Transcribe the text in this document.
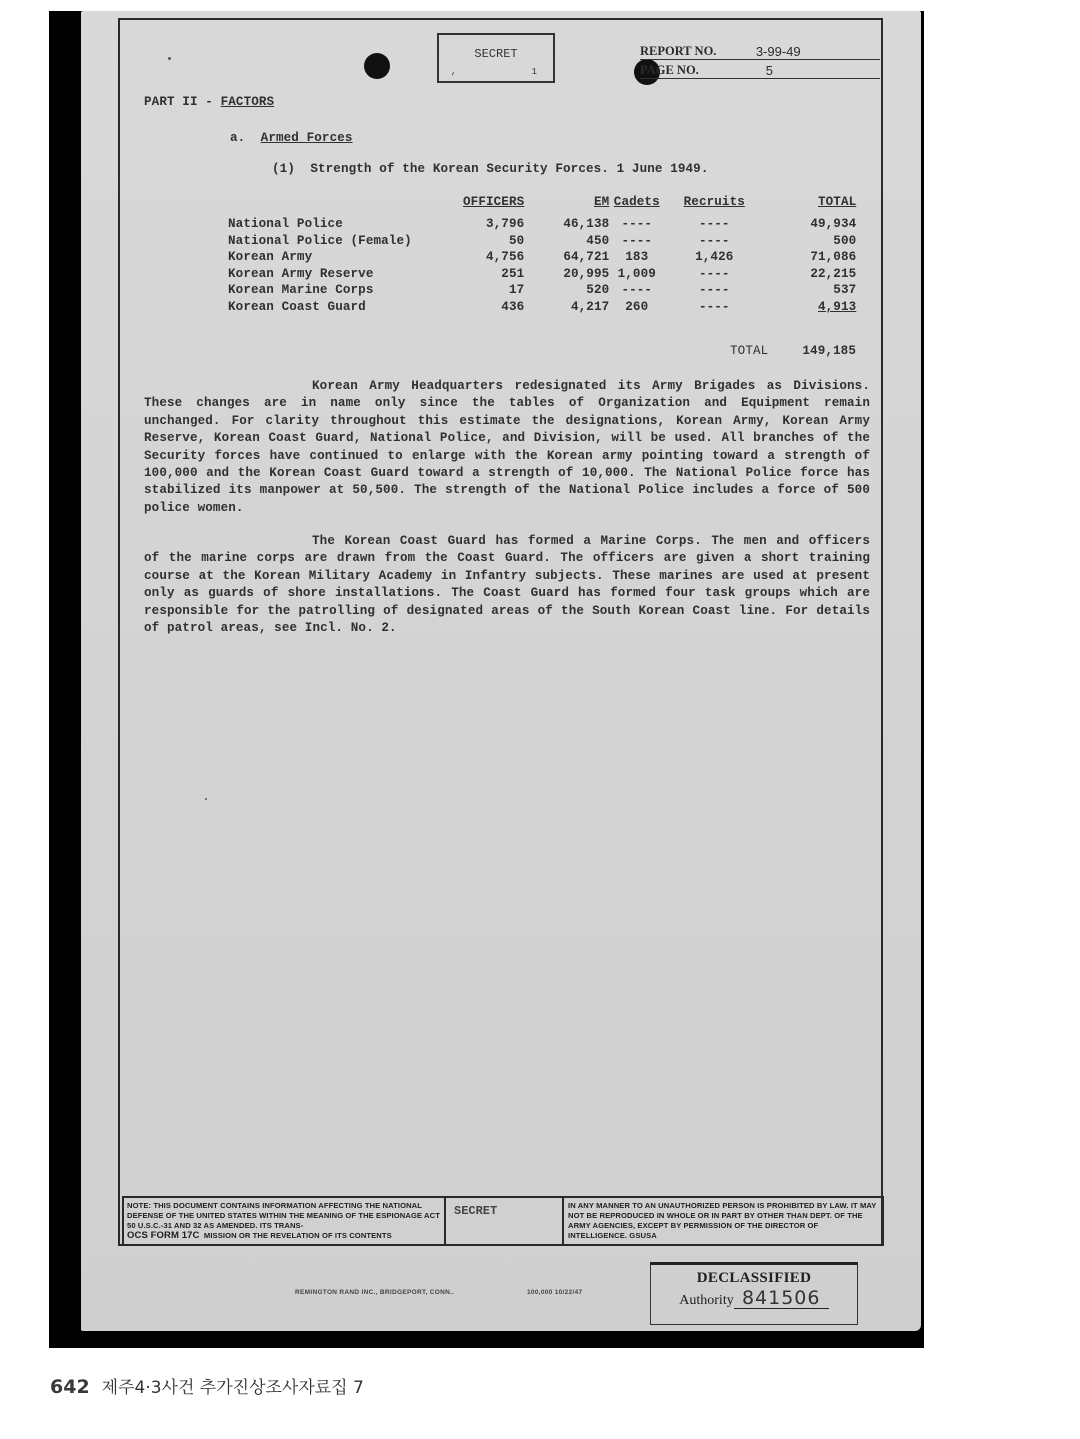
SECRET
,	1
REPORT NO.	3-99-49
PAGE NO.	5
PART II - FACTORS
a. Armed Forces
(1) Strength of the Korean Security Forces. 1 June 1949.
	OFFICERS	EM	Cadets	Recruits	TOTAL
National Police	3,796	46,138	----	----	49,934
National Police (Female)	50	450	----	----	500
Korean Army	4,756	64,721	183	1,426	71,086
Korean Army Reserve	251	20,995	1,009	----	22,215
Korean Marine Corps	17	520	----	----	537
Korean Coast Guard	436	4,217	260	----	4,913
TOTAL	149,185

Korean Army Headquarters redesignated its Army Brigades as Divisions. These changes are in name only since the tables of Organization and Equipment remain unchanged. For clarity throughout this estimate the designations, Korean Army, Korean Army Reserve, Korean Coast Guard, National Police, and Division, will be used. All branches of the Security forces have continued to enlarge with the Korean army pointing toward a strength of 100,000 and the Korean Coast Guard toward a strength of 10,000. The National Police force has stabilized its manpower at 50,500. The strength of the National Police includes a force of 500 police women.

The Korean Coast Guard has formed a Marine Corps. The men and officers of the marine corps are drawn from the Coast Guard. The officers are given a short training course at the Korean Military Academy in Infantry subjects. These marines are used at present only as guards of shore installations. The Coast Guard has formed four task groups which are responsible for the patrolling of designated areas of the South Korean Coast line. For details of patrol areas, see Incl. No. 2.

NOTE: THIS DOCUMENT CONTAINS INFORMATION AFFECTING THE NATIONAL DEFENSE OF THE UNITED STATES WITHIN THE MEANING OF THE ESPIONAGE ACT 50 U.S.C.-31 AND 32 AS AMENDED. ITS TRANS-
OCS FORM 17C MISSION OR THE REVELATION OF ITS CONTENTS
SECRET	IN ANY MANNER TO AN UNAUTHORIZED PERSON IS PROHIBITED BY LAW. IT MAY NOT BE REPRODUCED IN WHOLE OR IN PART BY OTHER THAN DEPT. OF THE ARMY AGENCIES, EXCEPT BY PERMISSION OF THE DIRECTOR OF INTELLIGENCE. GSUSA
REMINGTON RAND INC., BRIDGEPORT, CONN..	100,000 10/22/47
DECLASSIFIED
Authority 841506
642 제주4·3사건 추가진상조사자료집 7
